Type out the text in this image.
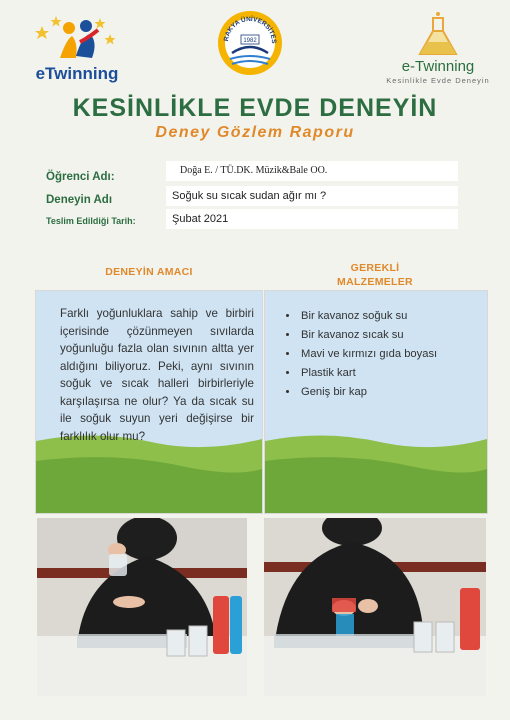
eTwinning
RAKYA ÜNİVERSİTES
1982
e-Twinning
Kesinlikle Evde Deneyin
KESİNLİKLE EVDE DENEYİN
Deney Gözlem Raporu
Öğrenci Adı:
Doğa E. / TÜ.DK. Müzik&Bale OO.
Deneyin Adı	Soğuk su sıcak sudan ağır mı ?
Teslim Edildiği Tarih:	Şubat 2021
DENEYİN AMACI	GEREKLİ
MALZEMELER
Farklı yoğunluklara sahip ve birbiri içerisinde çözünmeyen sıvılarda yoğunluğu fazla olan sıvının altta yer aldığını biliyoruz. Peki, aynı sıvının soğuk ve sıcak halleri birbirleriyle karşılaşırsa ne olur? Ya da sıcak su ile soğuk suyun yeri değişirse bir farklılık olur mu?
• Bir kavanoz soğuk su
• Bir kavanoz sıcak su
• Mavi ve kırmızı gıda boyası
• Plastik kart
• Geniş bir kap
